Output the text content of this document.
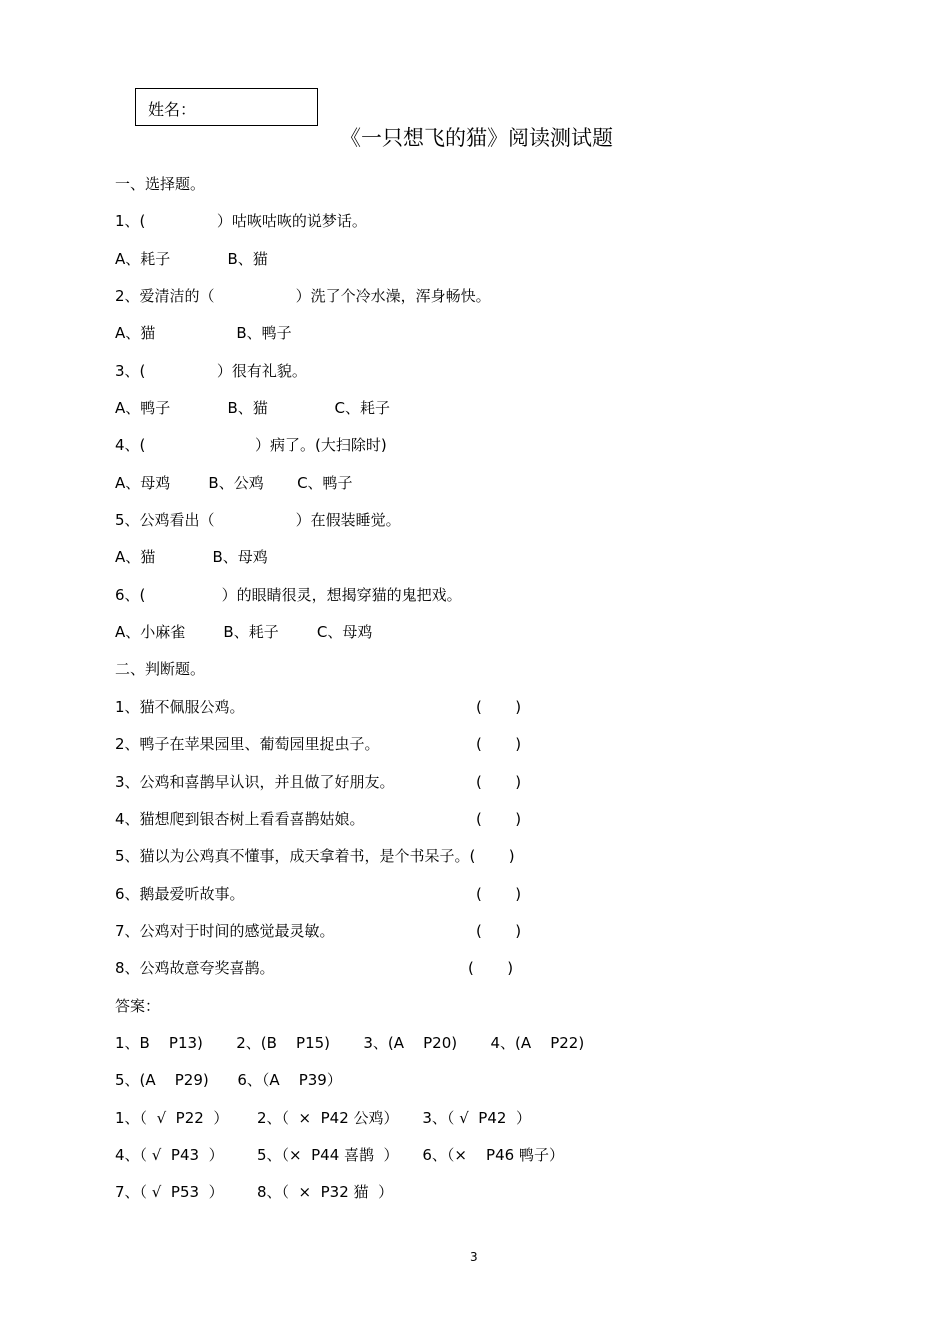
姓名：
《一只想飞的猫》阅读测试题
一、选择题。
1、(               ）咕咴咕咴的说梦话。
A、耗子            B、猫
2、爱清洁的（                 ）洗了个冷水澡，浑身畅快。
A、猫                 B、鸭子
3、(               ）很有礼貌。
A、鸭子            B、猫              C、耗子
4、(                       ）病了。(大扫除时)
A、母鸡        B、公鸡       C、鸭子
5、公鸡看出（                 ）在假装睡觉。
A、猫            B、母鸡
6、(                ）的眼睛很灵，想揭穿猫的鬼把戏。
A、小麻雀        B、耗子        C、母鸡
二、判断题。
1、猫不佩服公鸡。	(       )
2、鸭子在苹果园里、葡萄园里捉虫子。	(       )
3、公鸡和喜鹊早认识，并且做了好朋友。	(       )
4、猫想爬到银杏树上看看喜鹊姑娘。	(       )
5、猫以为公鸡真不懂事，成天拿着书，是个书呆子。(       )
6、鹅最爱听故事。	(       )
7、公鸡对于时间的感觉最灵敏。	(       )
8、公鸡故意夸奖喜鹊。	(       )
答案：
1、B    P13)       2、(B    P15)       3、(A    P20)       4、(A    P22)
5、(A    P29)      6、（A    P39）
1、（  √  P22  ）      2、（  ×  P42 公鸡）     3、（ √  P42  ）
4、（ √  P43  ）       5、（×  P44 喜鹊  ）     6、（×    P46 鸭子）
7、（ √  P53  ）       8、（  ×  P32 猫  ）
3
